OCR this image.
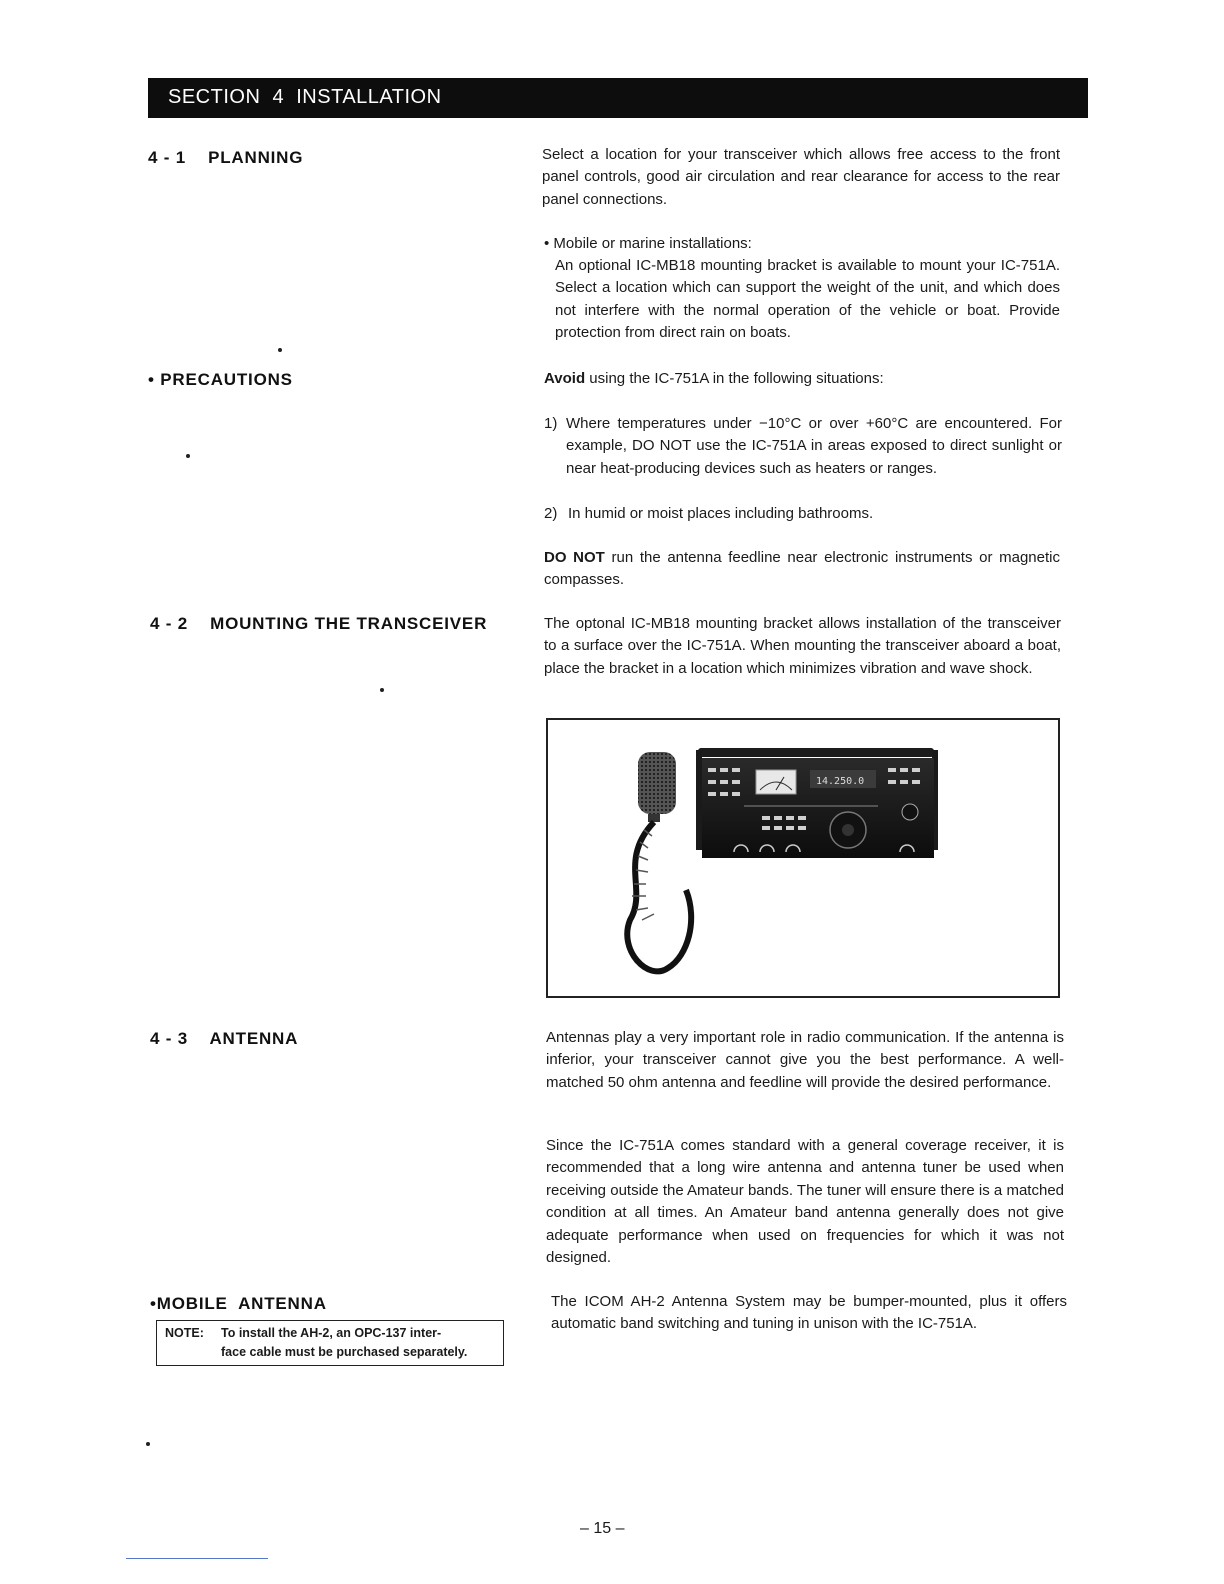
SECTION  4  INSTALLATION
4 - 1    PLANNING	Select a location for your transceiver which allows free access to the front panel controls, good air circulation and rear clearance for access to the rear panel connections.
• Mobile or marine installations:
An optional IC-MB18 mounting bracket is available to mount your IC-751A. Select a location which can support the weight of the unit, and which does not interfere with the normal operation of the vehicle or boat. Provide protection from direct rain on boats.
• PRECAUTIONS	Avoid using the IC-751A in the following situations:
1) Where temperatures under −10°C or over +60°C are encountered. For example, DO NOT use the IC-751A in areas exposed to direct sunlight or near heat-producing devices such as heaters or ranges.
2) In humid or moist places including bathrooms.
DO NOT run the antenna feedline near electronic instruments or magnetic compasses.
4 - 2    MOUNTING THE TRANSCEIVER	The optonal IC-MB18 mounting bracket allows installation of the transceiver to a surface over the IC-751A. When mounting the transceiver aboard a boat, place the bracket in a location which minimizes vibration and wave shock.
14.250.0
4 - 3    ANTENNA	Antennas play a very important role in radio communication. If the antenna is inferior, your transceiver cannot give you the best performance. A well-matched 50 ohm antenna and feedline will provide the desired performance.
Since the IC-751A comes standard with a general coverage receiver, it is recommended that a long wire antenna and antenna tuner be used when receiving outside the Amateur bands. The tuner will ensure there is a matched condition at all times. An Amateur band antenna generally does not give adequate performance when used on frequencies for which it was not designed.
•MOBILE  ANTENNA
NOTE: To install the AH-2, an OPC-137 inter-
face cable must be purchased separately.
The ICOM AH-2 Antenna System may be bumper-mounted, plus it offers automatic band switching and tuning in unison with the IC-751A.
– 15 –
